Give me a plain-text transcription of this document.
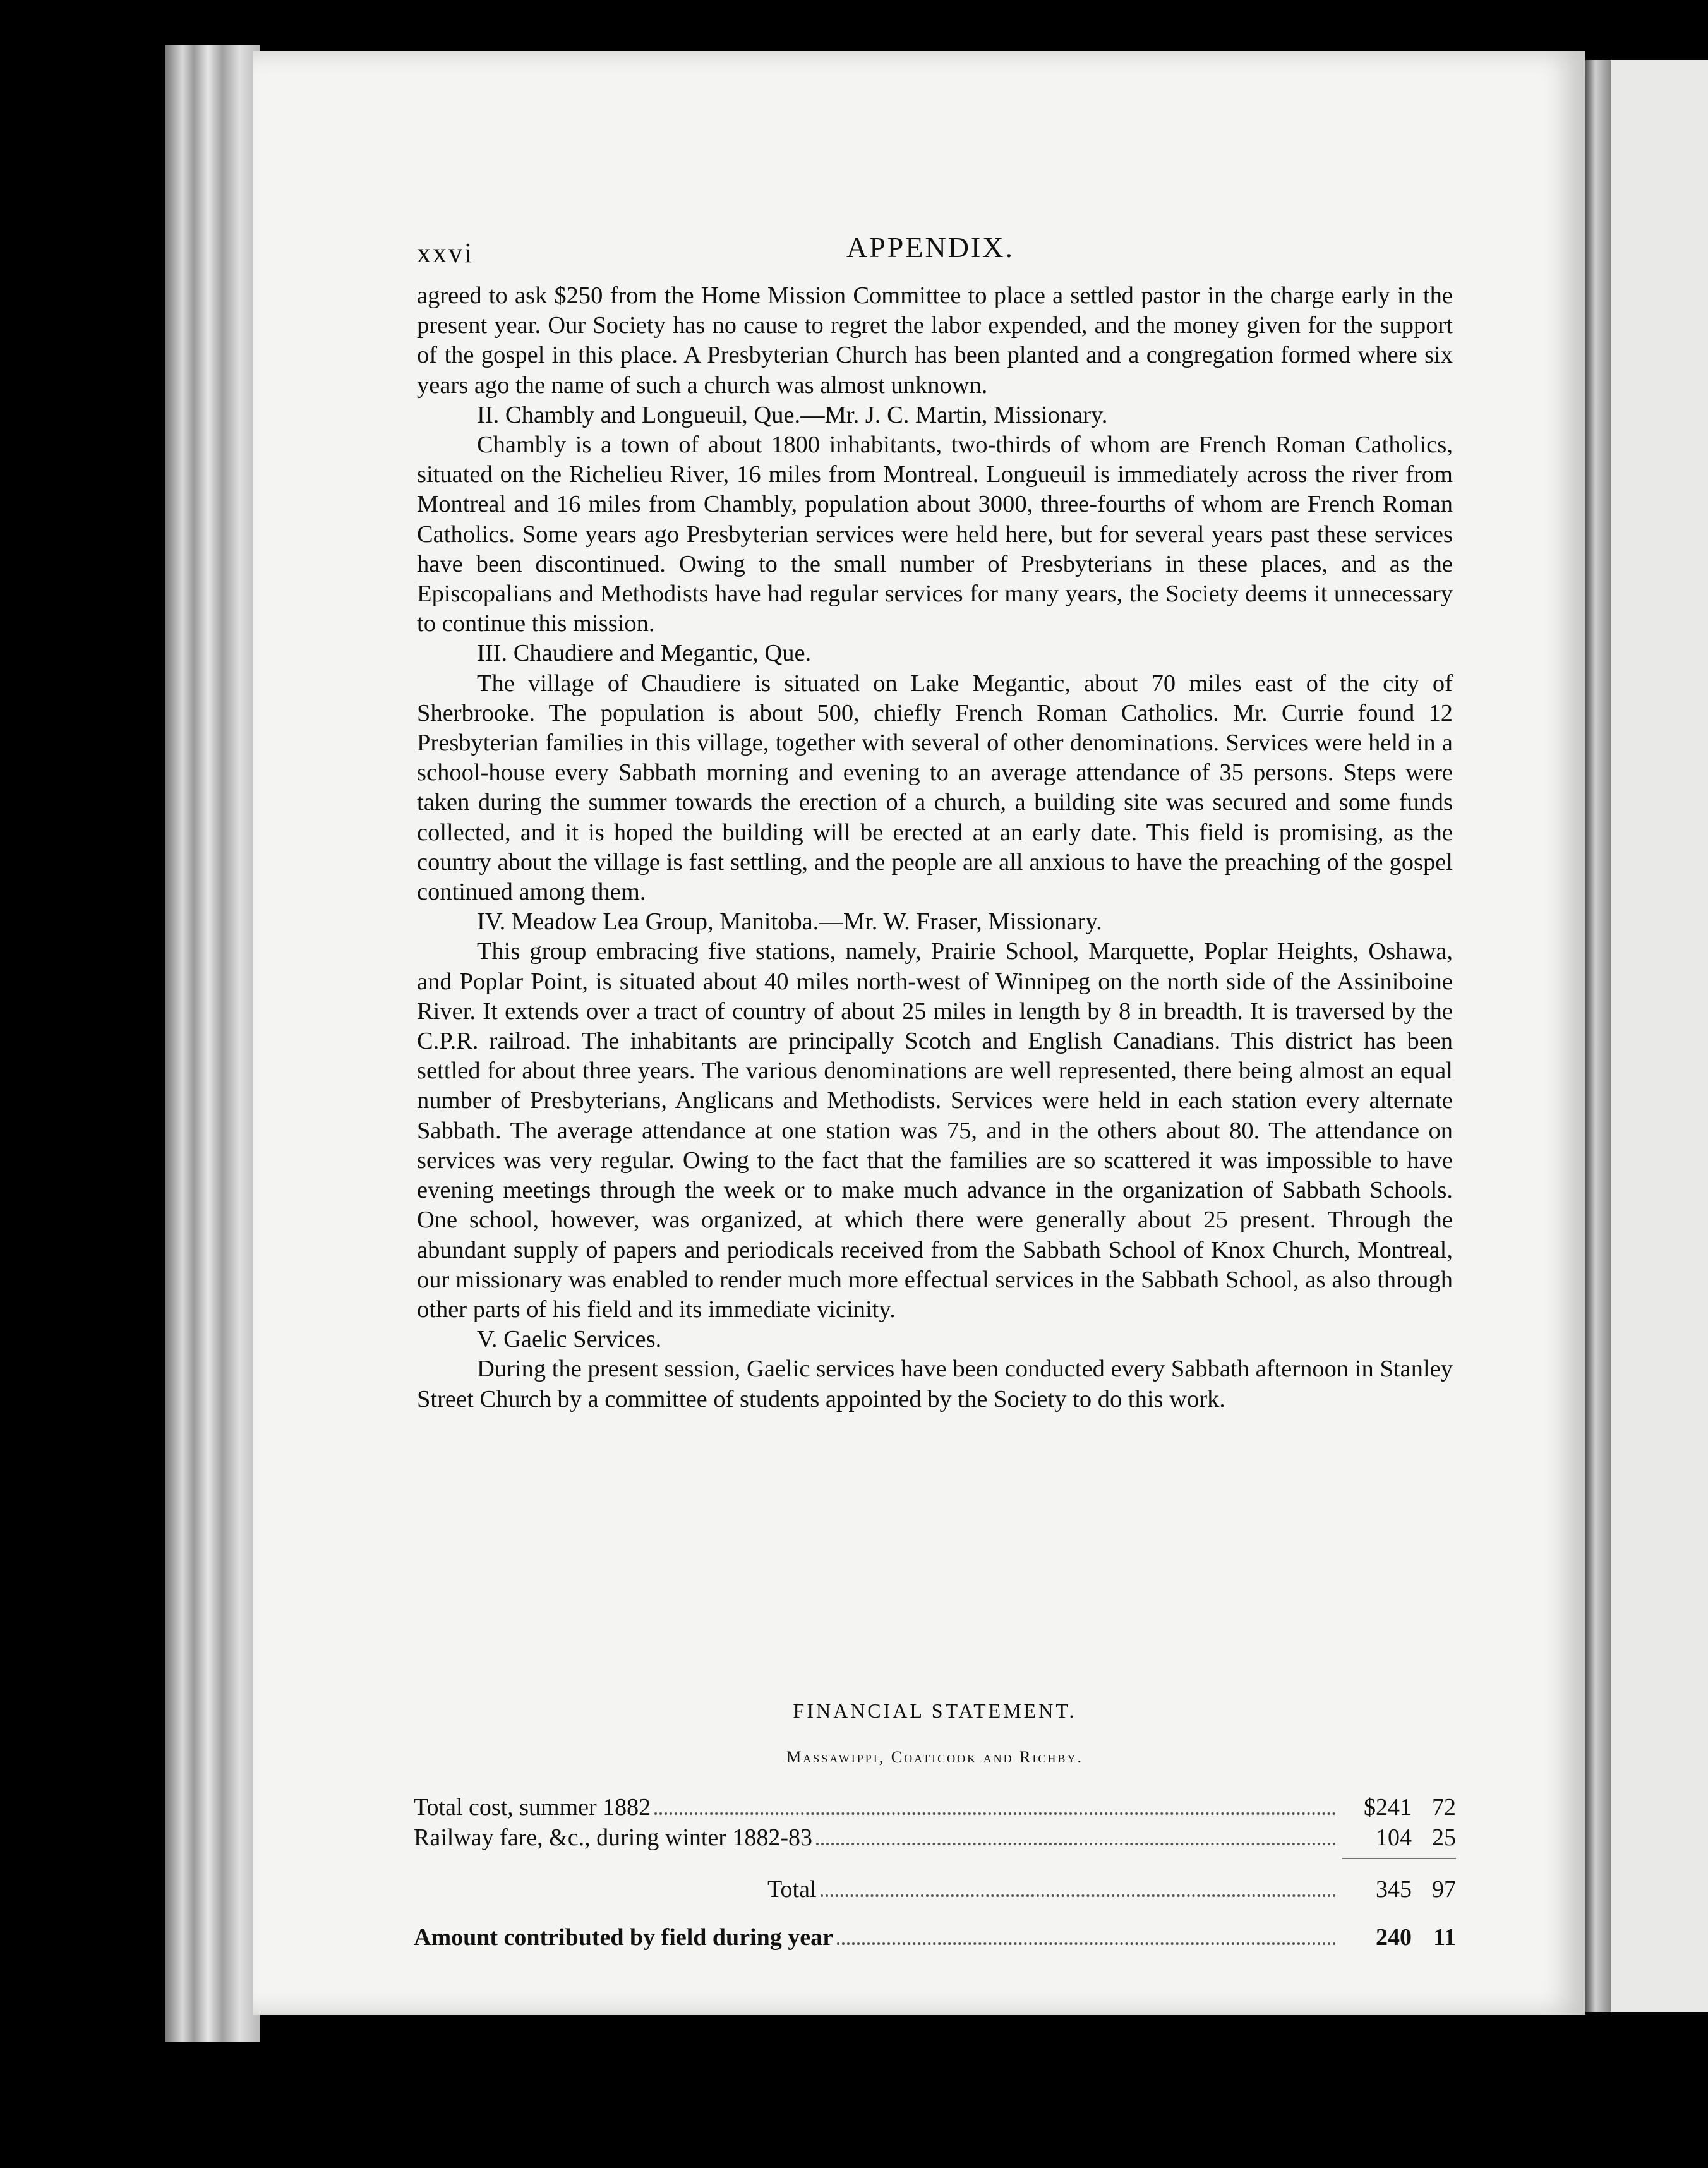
xxvi	APPENDIX.

agreed to ask $250 from the Home Mission Committee to place a settled pastor in the charge early in the present year. Our Society has no cause to regret the labor expended, and the money given for the support of the gospel in this place. A Presbyterian Church has been planted and a congregation formed where six years ago the name of such a church was almost unknown.

II. Chambly and Longueuil, Que.—Mr. J. C. Martin, Missionary.

Chambly is a town of about 1800 inhabitants, two-thirds of whom are French Roman Catholics, situated on the Richelieu River, 16 miles from Montreal. Longueuil is immediately across the river from Montreal and 16 miles from Chambly, population about 3000, three-fourths of whom are French Roman Catholics. Some years ago Presbyterian services were held here, but for several years past these services have been discontinued. Owing to the small number of Presbyterians in these places, and as the Episcopalians and Methodists have had regular services for many years, the Society deems it unnecessary to continue this mission.

III. Chaudiere and Megantic, Que.

The village of Chaudiere is situated on Lake Megantic, about 70 miles east of the city of Sherbrooke. The population is about 500, chiefly French Roman Catholics. Mr. Currie found 12 Presbyterian families in this village, together with several of other denominations. Services were held in a school-house every Sabbath morning and evening to an average attendance of 35 persons. Steps were taken during the summer towards the erection of a church, a building site was secured and some funds collected, and it is hoped the building will be erected at an early date. This field is promising, as the country about the village is fast settling, and the people are all anxious to have the preaching of the gospel continued among them.

IV. Meadow Lea Group, Manitoba.—Mr. W. Fraser, Missionary.

This group embracing five stations, namely, Prairie School, Marquette, Poplar Heights, Oshawa, and Poplar Point, is situated about 40 miles north-west of Winnipeg on the north side of the Assiniboine River. It extends over a tract of country of about 25 miles in length by 8 in breadth. It is traversed by the C.P.R. railroad. The inhabitants are principally Scotch and English Canadians. This district has been settled for about three years. The various denominations are well represented, there being almost an equal number of Presbyterians, Anglicans and Methodists. Services were held in each station every alternate Sabbath. The average attendance at one station was 75, and in the others about 80. The attendance on services was very regular. Owing to the fact that the families are so scattered it was impossible to have evening meetings through the week or to make much advance in the organization of Sabbath Schools. One school, however, was organized, at which there were generally about 25 present. Through the abundant supply of papers and periodicals received from the Sabbath School of Knox Church, Montreal, our missionary was enabled to render much more effectual services in the Sabbath School, as also through other parts of his field and its immediate vicinity.

V. Gaelic Services.

During the present session, Gaelic services have been conducted every Sabbath afternoon in Stanley Street Church by a committee of students appointed by the Society to do this work.

FINANCIAL STATEMENT.
Massawippi, Coaticook and Richby.
Total cost, summer 1882	$241 72
Railway fare, &c., during winter 1882-83	104 25
Total	345 97
Amount contributed by field during year	240 11
